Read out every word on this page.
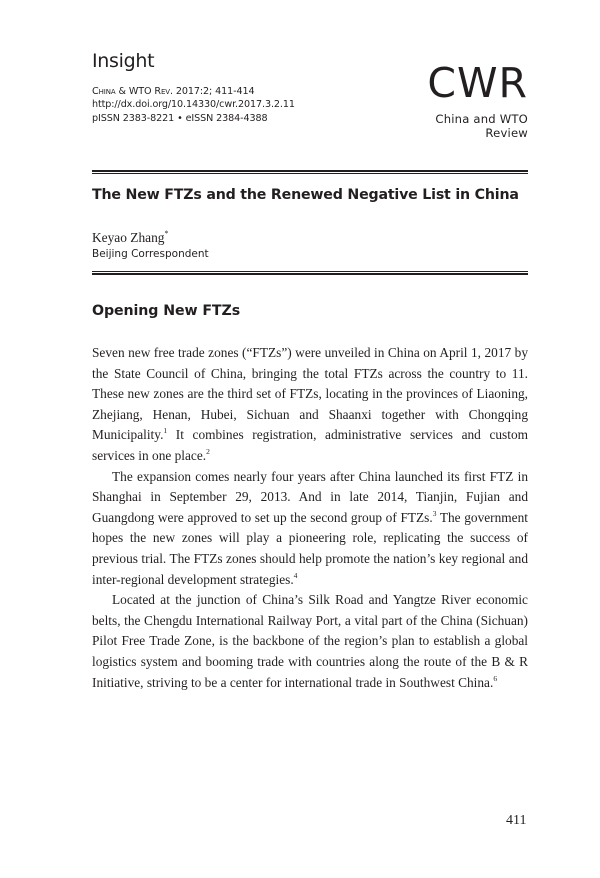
Insight
China & WTO Rev. 2017:2; 411-414
http://dx.doi.org/10.14330/cwr.2017.3.2.11
pISSN 2383-8221 • eISSN 2384-4388
CWR
China and WTO Review
The New FTZs and the Renewed Negative List in China
Keyao Zhang*
Beijing Correspondent
Opening New FTZs

Seven new free trade zones (“FTZs”) were unveiled in China on April 1, 2017 by the State Council of China, bringing the total FTZs across the country to 11. These new zones are the third set of FTZs, locating in the provinces of Liaoning, Zhejiang, Henan, Hubei, Sichuan and Shaanxi together with Chongqing Municipality.$^1$ It combines registration, administrative services and custom services in one place.$^2$

The expansion comes nearly four years after China launched its first FTZ in Shanghai in September 29, 2013. And in late 2014, Tianjin, Fujian and Guangdong were approved to set up the second group of FTZs.$^3$ The government hopes the new zones will play a pioneering role, replicating the success of previous trial. The FTZs zones should help promote the nation’s key regional and inter-regional development strategies.$^4$

Located at the junction of China’s Silk Road and Yangtze River economic belts, the Chengdu International Railway Port, a vital part of the China (Sichuan) Pilot Free Trade Zone, is the backbone of the region’s plan to establish a global logistics system and booming trade with countries along the route of the B & R Initiative, striving to be a center for international trade in Southwest China.$^6$

411
